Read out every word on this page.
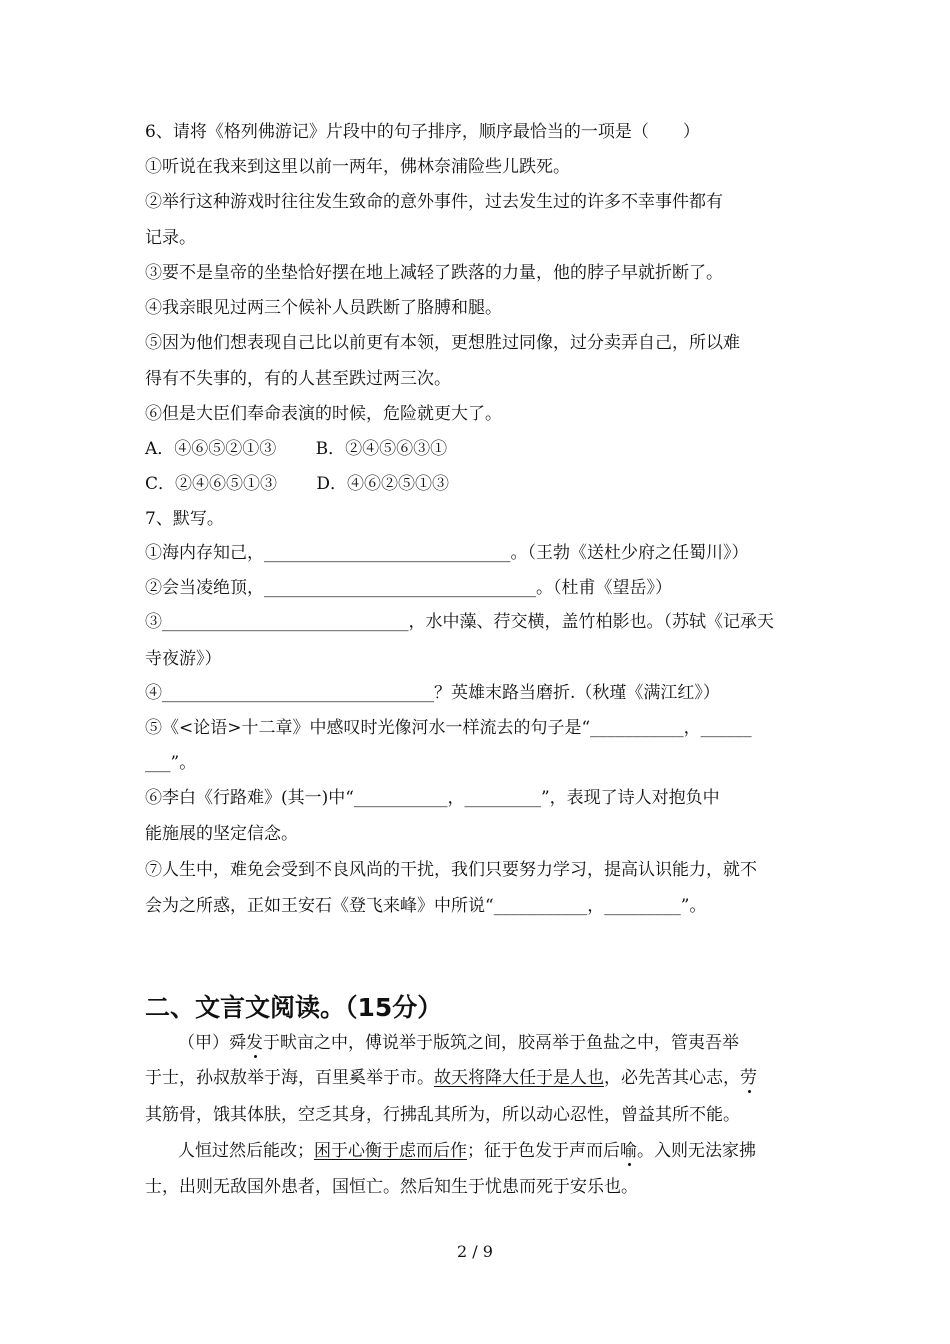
6、请将《格列佛游记》片段中的句子排序，顺序最恰当的一项是（　　）
①听说在我来到这里以前一两年，佛林奈浦险些儿跌死。
②举行这种游戏时往往发生致命的意外事件，过去发生过的许多不幸事件都有
记录。
③要不是皇帝的坐垫恰好摆在地上减轻了跌落的力量，他的脖子早就折断了。
④我亲眼见过两三个候补人员跌断了胳膊和腿。
⑤因为他们想表现自己比以前更有本领，更想胜过同像，过分卖弄自己，所以难
得有不失事的，有的人甚至跌过两三次。
⑥但是大臣们奉命表演的时候，危险就更大了。
A．④⑥⑤②①③　　 B．②④⑤⑥③①
C．②④⑥⑤①③　　 D．④⑥②⑤①③
7、默写。
①海内存知己，_____________________________。（王勃《送杜少府之任蜀川》）
②会当凌绝顶，________________________________。（杜甫《望岳》）
③_____________________________，水中藻、荇交横，盖竹柏影也。（苏轼《记承天
寺夜游》）
④________________________________？英雄末路当磨折.（秋瑾《满江红》）
⑤《<论语>十二章》中感叹时光像河水一样流去的句子是“___________，______
___”。
⑥李白《行路难》(其一)中“___________，_________”，表现了诗人对抱负中
能施展的坚定信念。
⑦人生中，难免会受到不良风尚的干扰，我们只要努力学习，提高认识能力，就不
会为之所惑，正如王安石《登飞来峰》中所说“___________，_________”。
二、文言文阅读。（15分）
（甲）舜发于畎亩之中，傅说举于版筑之间，胶鬲举于鱼盐之中，管夷吾举
于士，孙叔敖举于海，百里奚举于市。故天将降大任于是人也，必先苦其心志，劳
其筋骨，饿其体肤，空乏其身，行拂乱其所为，所以动心忍性，曾益其所不能。
人恒过然后能改；困于心衡于虑而后作；征于色发于声而后喻。入则无法家拂
士，出则无敌国外患者，国恒亡。然后知生于忧患而死于安乐也。
2 / 9
